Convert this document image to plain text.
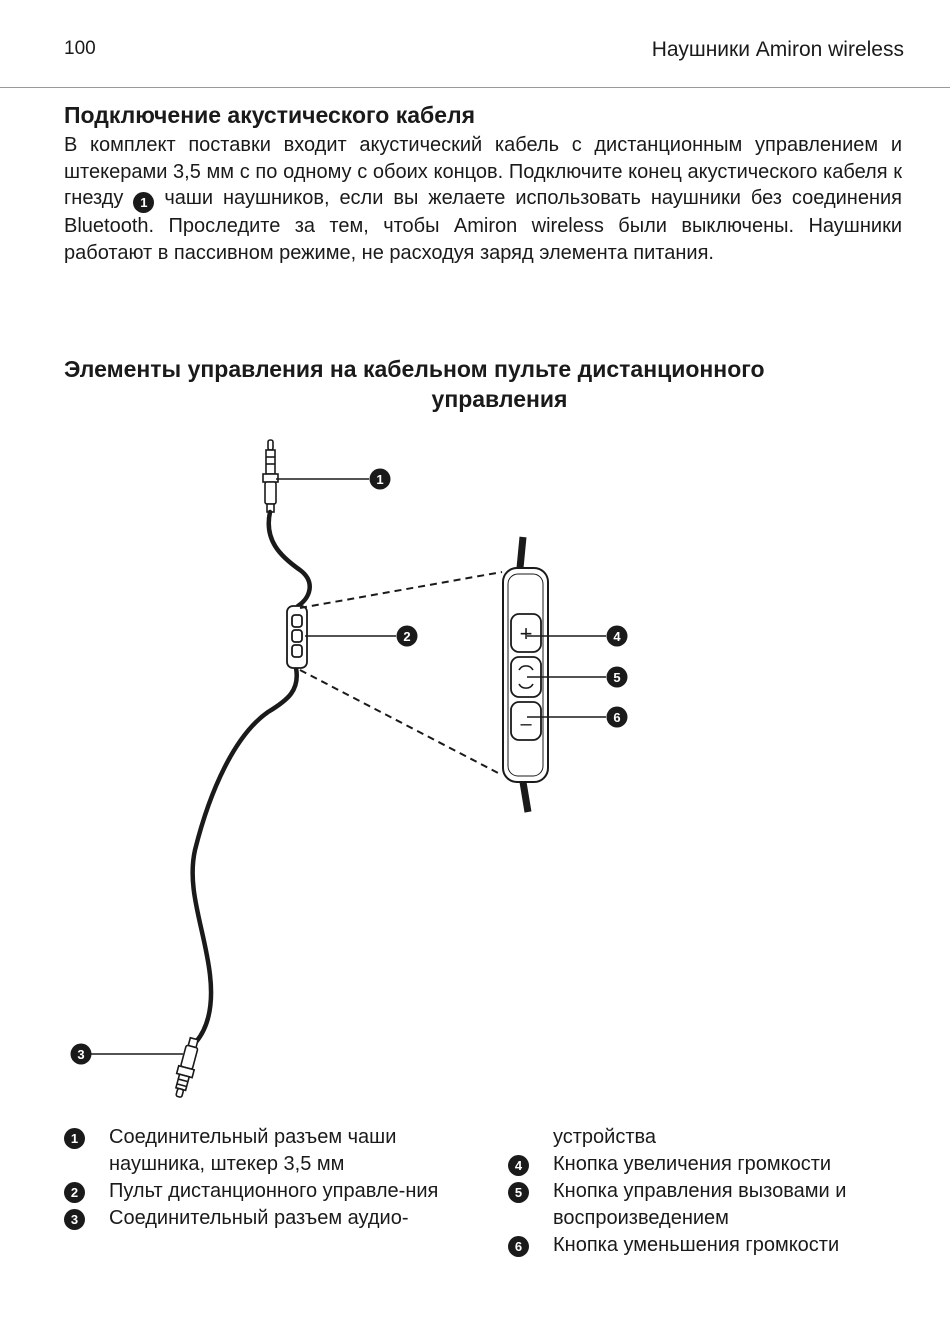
100	Наушники Amiron wireless
Подключение акустического кабеля

В комплект поставки входит акустический кабель с дистанционным управлением и штекерами 3,5 мм с по одному с обоих концов. Подключите конец акустического кабеля к гнезду 1 чаши наушников, если вы желаете использовать наушники без соединения Bluetooth. Проследите за тем, чтобы Amiron wireless были выключены. Наушники работают в пассивном режиме, не расходуя заряд элемента питания.

Элементы управления на кабельном пульте дистанционного
управления
+
–
1
2
3
4
5
6
1	Соединительный разъем чаши наушника, штекер 3,5 мм
2	Пульт дистанционного управле-ния
3	Соединительный разъем аудио-
устройства
4	Кнопка увеличения громкости
5	Кнопка управления вызовами и воспроизведением
6	Кнопка уменьшения громкости
